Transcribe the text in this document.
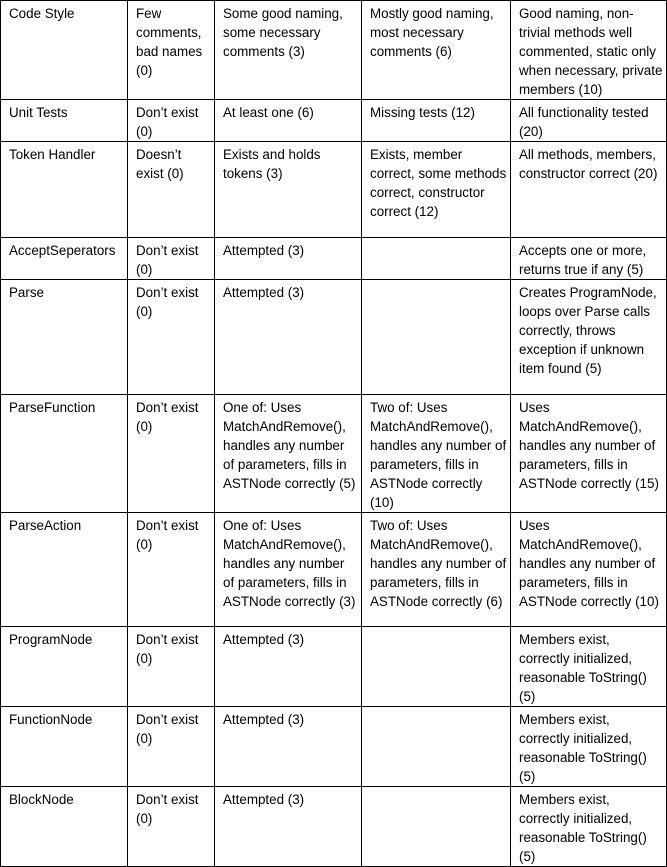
Code Style	Few comments, bad names (0)	Some good naming, some necessary comments (3)	Mostly good naming, most necessary comments (6)	Good naming, non-trivial methods well commented, static only when necessary, private members (10)
Unit Tests	Don’t exist (0)	At least one (6)	Missing tests (12)	All functionality tested (20)
Token Handler	Doesn’t exist (0)	Exists and holds tokens (3)	Exists, member correct, some methods correct, constructor correct (12)	All methods, members, constructor correct (20)
AcceptSeperators	Don’t exist (0)	Attempted (3)		Accepts one or more, returns true if any (5)
Parse	Don’t exist (0)	Attempted (3)		Creates ProgramNode, loops over Parse calls correctly, throws exception if unknown item found (5)
ParseFunction	Don’t exist (0)	One of: Uses MatchAndRemove(), handles any number of parameters, fills in ASTNode correctly (5)	Two of: Uses MatchAndRemove(), handles any number of parameters, fills in ASTNode correctly (10)	Uses MatchAndRemove(), handles any number of parameters, fills in ASTNode correctly (15)
ParseAction	Don’t exist (0)	One of: Uses MatchAndRemove(), handles any number of parameters, fills in ASTNode correctly (3)	Two of: Uses MatchAndRemove(), handles any number of parameters, fills in ASTNode correctly (6)	Uses MatchAndRemove(), handles any number of parameters, fills in ASTNode correctly (10)
ProgramNode	Don’t exist (0)	Attempted (3)		Members exist, correctly initialized, reasonable ToString() (5)
FunctionNode	Don’t exist (0)	Attempted (3)		Members exist, correctly initialized, reasonable ToString() (5)
BlockNode	Don’t exist (0)	Attempted (3)		Members exist, correctly initialized, reasonable ToString() (5)
